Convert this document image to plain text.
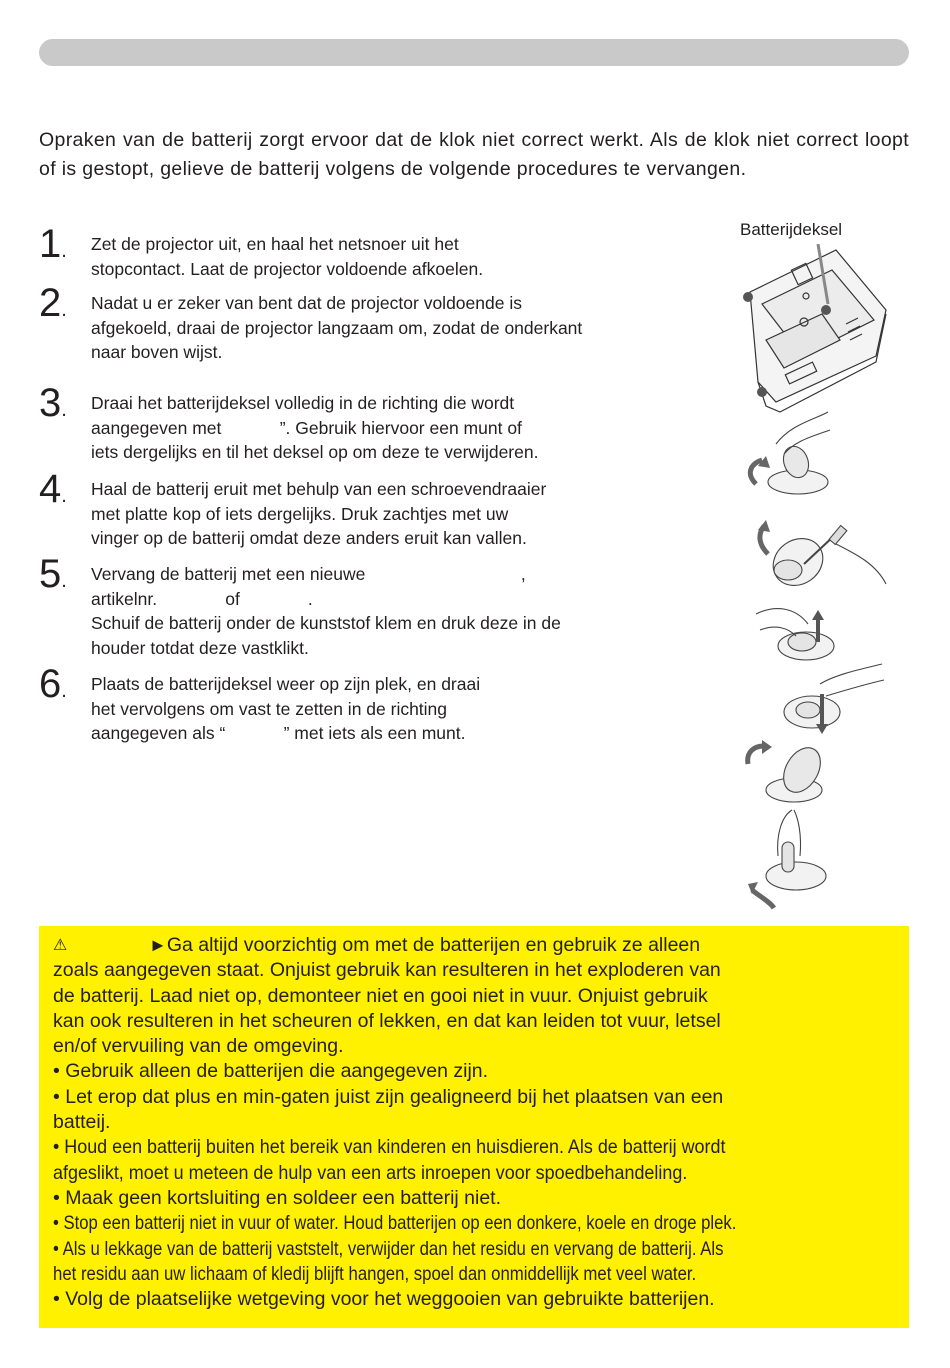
Opraken van de batterij zorgt ervoor dat de klok niet correct werkt. Als de klok niet correct loopt of is gestopt, gelieve de batterij volgens de volgende procedures te vervangen.

1. Zet de projector uit, en haal het netsnoer uit het
stopcontact. Laat de projector voldoende afkoelen.
2. Nadat u er zeker van bent dat de projector voldoende is
afgekoeld, draai de projector langzaam om, zodat de onderkant
naar boven wijst.
3. Draai het batterijdeksel volledig in de richting die wordt
aangegeven met            ”. Gebruik hiervoor een munt of
iets dergelijks en til het deksel op om deze te verwijderen.
4. Haal de batterij eruit met behulp van een schroevendraaier
met platte kop of iets dergelijks. Druk zachtjes met uw
vinger op de batterij omdat deze anders eruit kan vallen.
5. Vervang de batterij met een nieuwe                                ,
artikelnr.              of              .
Schuif de batterij onder de kunststof klem en druk deze in de
houder totdat deze vastklikt.
6. Plaats de batterijdeksel weer op zijn plek, en draai
het vervolgens om vast te zetten in de richting
aangegeven als “            ” met iets als een munt.
Batterijdeksel
⚠	►Ga altijd voorzichtig om met de batterijen en gebruik ze alleen
zoals aangegeven staat. Onjuist gebruik kan resulteren in het exploderen van
de batterij. Laad niet op, demonteer niet en gooi niet in vuur. Onjuist gebruik
kan ook resulteren in het scheuren of lekken, en dat kan leiden tot vuur, letsel
en/of vervuiling van de omgeving.
• Gebruik alleen de batterijen die aangegeven zijn.
• Let erop dat plus en min-gaten juist zijn gealigneerd bij het plaatsen van een
batteij.
• Houd een batterij buiten het bereik van kinderen en huisdieren. Als de batterij wordt
afgeslikt, moet u meteen de hulp van een arts inroepen voor spoedbehandeling.
• Maak geen kortsluiting en soldeer een batterij niet.
• Stop een batterij niet in vuur of water. Houd batterijen op een donkere, koele en droge plek.
• Als u lekkage van de batterij vaststelt, verwijder dan het residu en vervang de batterij. Als
het residu aan uw lichaam of kledij blijft hangen, spoel dan onmiddellijk met veel water.
• Volg de plaatselijke wetgeving voor het weggooien van gebruikte batterijen.
